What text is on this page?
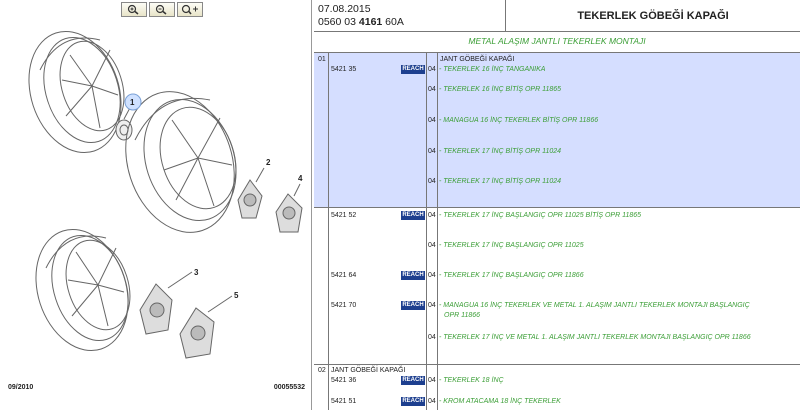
1
2
3
4
5
09/2010	00055532
07.08.2015
0560 03 4161 60A	TEKERLEK GÖBEĞİ KAPAĞI
METAL ALAŞIM JANTLI TEKERLEK MONTAJI
01	JANT GÖBEĞİ KAPAĞI
5421 35	REACH 04 - TEKERLEK 16 İNÇ TANGANIKA
04 - TEKERLEK 16 İNÇ BİTİŞ OPR 11865
04 - MANAGUA 16 İNÇ TEKERLEK BİTİŞ OPR 11866
04 - TEKERLEK 17 İNÇ BİTİŞ OPR 11024
04 - TEKERLEK 17 İNÇ BİTİŞ OPR 11024
5421 52	REACH 04 - TEKERLEK 17 İNÇ BAŞLANGIÇ OPR 11025 BİTİŞ OPR 11865
04 - TEKERLEK 17 İNÇ BAŞLANGIÇ OPR 11025
5421 64	REACH 04 - TEKERLEK 17 İNÇ BAŞLANGIÇ OPR 11866
5421 70	REACH 04 - MANAGUA 16 İNÇ TEKERLEK VE METAL 1. ALAŞIM JANTLI TEKERLEK MONTAJI BAŞLANGIÇ
OPR 11866
04 - TEKERLEK 17 İNÇ VE METAL 1. ALAŞIM JANTLI TEKERLEK MONTAJI BAŞLANGIÇ OPR 11866
02 JANT GÖBEĞİ KAPAĞI
5421 36	REACH 04 - TEKERLEK 18 İNÇ
5421 51	REACH 04 - KROM ATACAMA 18 İNÇ TEKERLEK
